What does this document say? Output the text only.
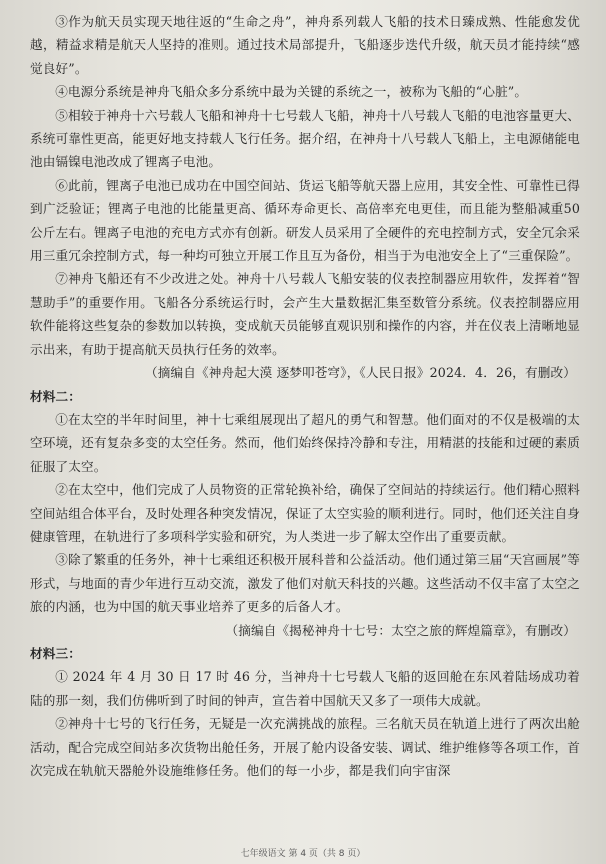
③作为航天员实现天地往返的“生命之舟”，神舟系列载人飞船的技术日臻成熟、性能愈发优越，精益求精是航天人坚持的准则。通过技术局部提升，飞船逐步迭代升级，航天员才能持续“感觉良好”。

④电源分系统是神舟飞船众多分系统中最为关键的系统之一，被称为飞船的“心脏”。

⑤相较于神舟十六号载人飞船和神舟十七号载人飞船，神舟十八号载人飞船的电池容量更大、系统可靠性更高，能更好地支持载人飞行任务。据介绍，在神舟十八号载人飞船上，主电源储能电池由镉镍电池改成了锂离子电池。

⑥此前，锂离子电池已成功在中国空间站、货运飞船等航天器上应用，其安全性、可靠性已得到广泛验证；锂离子电池的比能量更高、循环寿命更长、高倍率充电更佳，而且能为整船减重50公斤左右。锂离子电池的充电方式亦有创新。研发人员采用了全硬件的充电控制方式，安全冗余采用三重冗余控制方式，每一种均可独立开展工作且互为备份，相当于为电池安全上了“三重保险”。

⑦神舟飞船还有不少改进之处。神舟十八号载人飞船安装的仪表控制器应用软件，发挥着“智慧助手”的重要作用。飞船各分系统运行时，会产生大量数据汇集至数管分系统。仪表控制器应用软件能将这些复杂的参数加以转换，变成航天员能够直观识别和操作的内容，并在仪表上清晰地显示出来，有助于提高航天员执行任务的效率。

（摘编自《神舟起大漠 逐梦叩苍穹》，《人民日报》2024．4．26，有删改）

材料二：

①在太空的半年时间里，神十七乘组展现出了超凡的勇气和智慧。他们面对的不仅是极端的太空环境，还有复杂多变的太空任务。然而，他们始终保持冷静和专注，用精湛的技能和过硬的素质征服了太空。

②在太空中，他们完成了人员物资的正常轮换补给，确保了空间站的持续运行。他们精心照料空间站组合体平台，及时处理各种突发情况，保证了太空实验的顺利进行。同时，他们还关注自身健康管理，在轨进行了多项科学实验和研究，为人类进一步了解太空作出了重要贡献。

③除了繁重的任务外，神十七乘组还积极开展科普和公益活动。他们通过第三届“天宫画展”等形式，与地面的青少年进行互动交流，激发了他们对航天科技的兴趣。这些活动不仅丰富了太空之旅的内涵，也为中国的航天事业培养了更多的后备人才。

（摘编自《揭秘神舟十七号：太空之旅的辉煌篇章》，有删改）

材料三：

① 2024 年 4 月 30 日 17 时 46 分，当神舟十七号载人飞船的返回舱在东风着陆场成功着陆的那一刻，我们仿佛听到了时间的钟声，宣告着中国航天又多了一项伟大成就。

②神舟十七号的飞行任务，无疑是一次充满挑战的旅程。三名航天员在轨道上进行了两次出舱活动，配合完成空间站多次货物出舱任务，开展了舱内设备安装、调试、维护维修等各项工作，首次完成在轨航天器舱外设施维修任务。他们的每一小步，都是我们向宇宙深

七年级语文 第 4 页（共 8 页）
